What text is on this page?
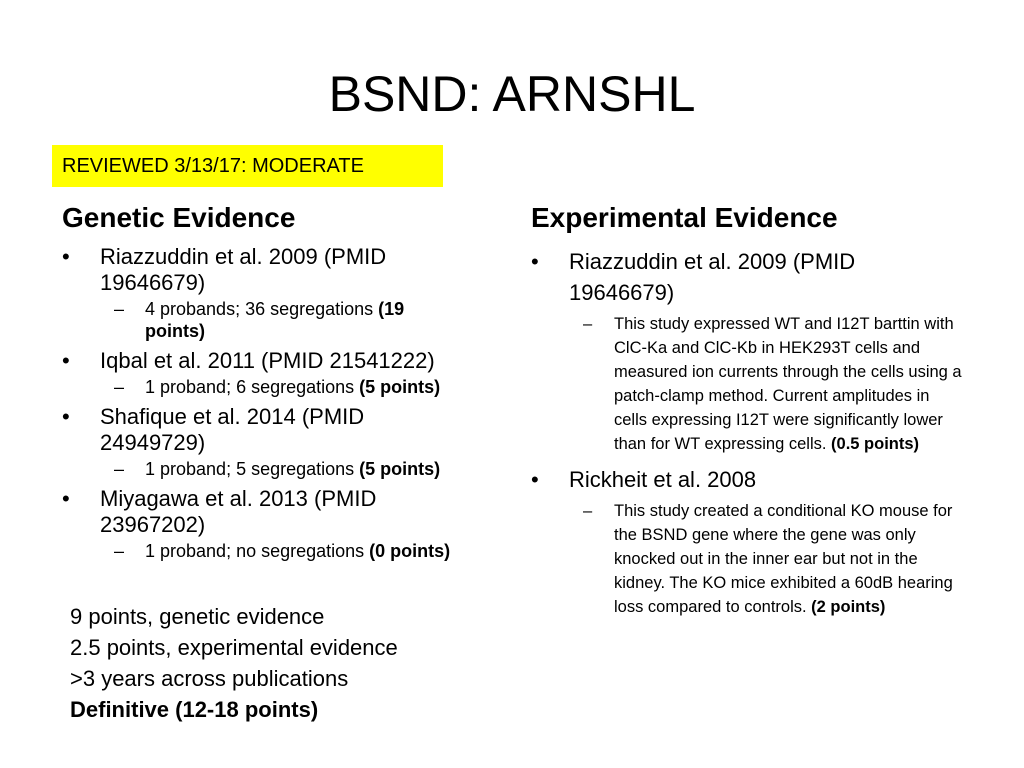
BSND: ARNSHL
REVIEWED 3/13/17: MODERATE
Genetic Evidence
•	Riazzuddin et al. 2009 (PMID 19646679)
– 4 probands; 36 segregations (19 points)
•	Iqbal et al. 2011 (PMID 21541222)
– 1 proband; 6 segregations (5 points)
•	Shafique et al. 2014 (PMID 24949729)
– 1 proband; 5 segregations (5 points)
•	Miyagawa et al. 2013 (PMID 23967202)
– 1 proband; no segregations (0 points)
Experimental Evidence
•	Riazzuddin et al. 2009 (PMID 19646679)
– This study expressed WT and I12T barttin with ClC-Ka and ClC-Kb in HEK293T cells and measured ion currents through the cells using a patch-clamp method. Current amplitudes in cells expressing I12T were significantly lower than for WT expressing cells. (0.5 points)
•	Rickheit et al. 2008
– This study created a conditional KO mouse for the BSND gene where the gene was only knocked out in the inner ear but not in the kidney. The KO mice exhibited a 60dB hearing loss compared to controls. (2 points)
9 points, genetic evidence
2.5 points, experimental evidence
>3 years across publications
Definitive (12-18 points)
